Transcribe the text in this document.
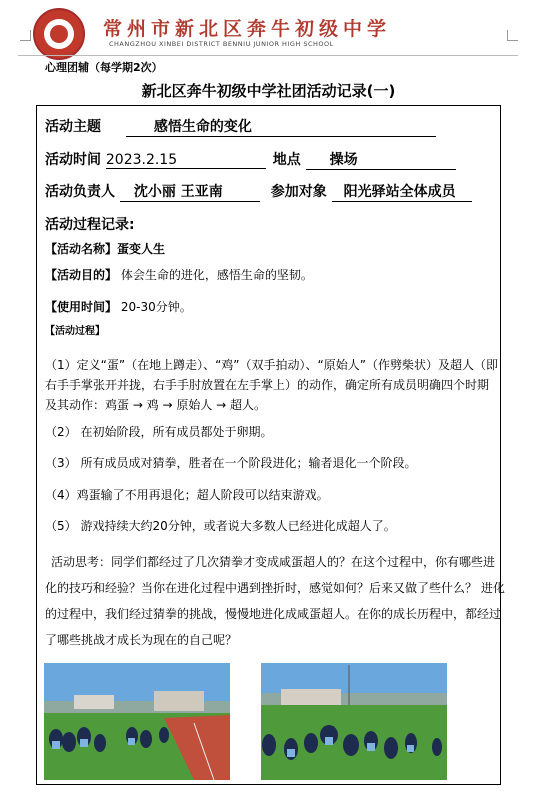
常州市新北区奔牛初级中学
CHANGZHOU XINBEI DISTRICT BENNIU JUNIOR HIGH SCHOOL
心理团辅（每学期2次）
新北区奔牛初级中学社团活动记录(一)
活动主题	感悟生命的变化
活动时间 2023.2.15	地点 操场
活动负责人 沈小丽 王亚南	参加对象 阳光驿站全体成员
活动过程记录:
【活动名称】蛋变人生
【活动目的】 体会生命的进化，感悟生命的坚韧。
【使用时间】 20-30分钟。
【活动过程】
（1）定义“蛋”（在地上蹲走）、“鸡”（双手拍动）、“原始人”（作劈柴状）及超人（即右手手掌张开并拢，右手手肘放置在左手掌上）的动作，确定所有成员明确四个时期及其动作：鸡蛋 → 鸡 → 原始人 → 超人。
（2） 在初始阶段，所有成员都处于卵期。
（3） 所有成员成对猜拳，胜者在一个阶段进化；输者退化一个阶段。
（4）鸡蛋输了不用再退化；超人阶段可以结束游戏。
（5） 游戏持续大约20分钟，或者说大多数人已经进化成超人了。
活动思考：同学们都经过了几次猜拳才变成咸蛋超人的？在这个过程中，你有哪些进化的技巧和经验？当你在进化过程中遇到挫折时，感觉如何？后来又做了些什么？ 进化的过程中，我们经过猜拳的挑战，慢慢地进化成咸蛋超人。在你的成长历程中，都经过了哪些挑战才成长为现在的自己呢？
